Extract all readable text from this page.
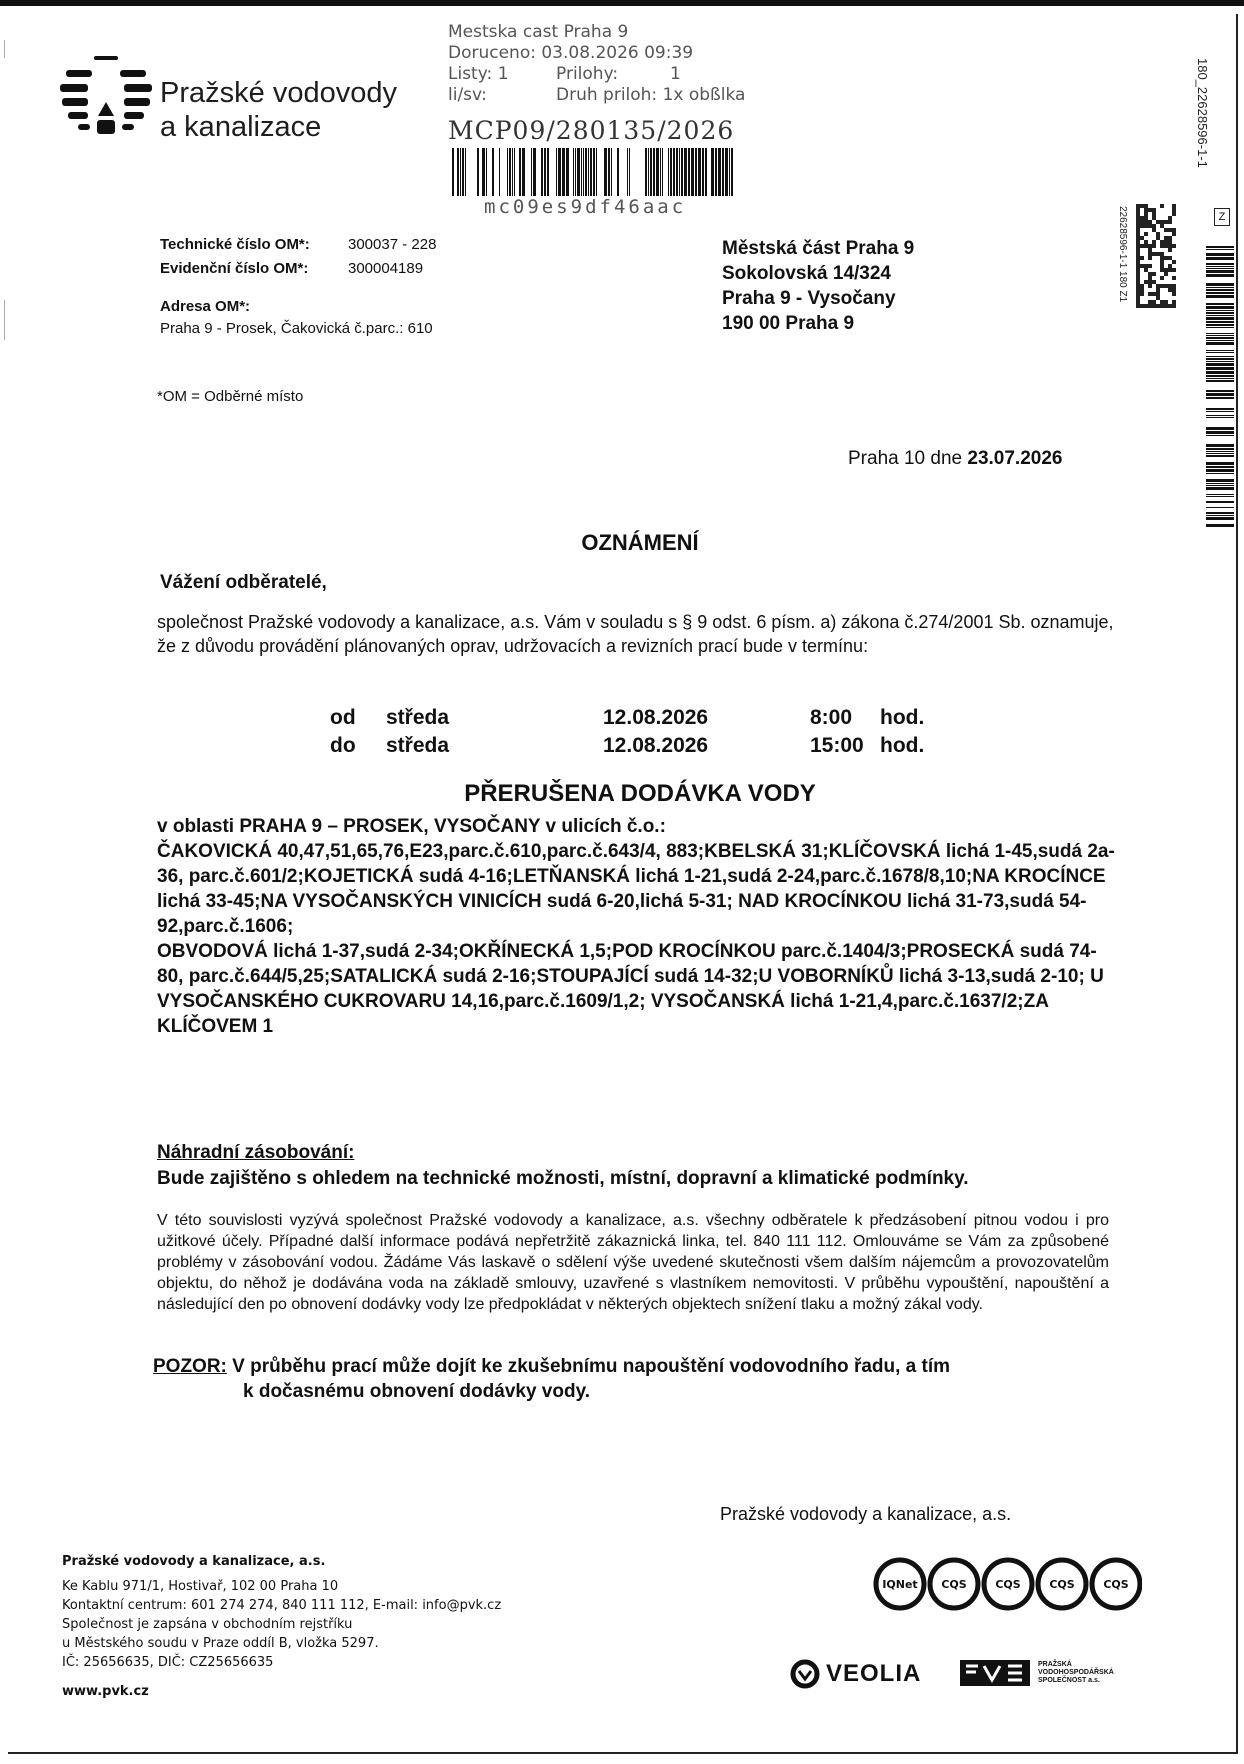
Pražské vodovody
a kanalizace
Mestska cast Praha 9
Doruceno: 03.08.2026 09:39
Listy: 1	Prilohy:	1
li/sv:	Druh priloh: 1x obßlka
MCP09/280135/2026
mc09es9df46aac
Technické číslo OM*:	300037 - 228
Evidenční číslo OM*:	300004189
Adresa OM*:
Praha 9 - Prosek, Čakovická č.parc.: 610
Městská část Praha 9
Sokolovská 14/324
Praha 9 - Vysočany
190 00 Praha 9
180_22628596-1-1
22628596-1-1 180 Z1	Z
*OM = Odběrné místo
Praha 10 dne 23.07.2026
OZNÁMENÍ
Vážení odběratelé,
společnost Pražské vodovody a kanalizace, a.s. Vám v souladu s § 9 odst. 6 písm. a) zákona č.274/2001 Sb. oznamuje, že z důvodu provádění plánovaných oprav, udržovacích a revizních prací bude v termínu:
od středa	12.08.2026	8:00 hod.
do středa	12.08.2026	15:00 hod.
PŘERUŠENA DODÁVKA VODY

v oblasti PRAHA 9 – PROSEK, VYSOČANY v ulicích č.o.:

ČAKOVICKÁ 40,47,51,65,76,E23,parc.č.610,parc.č.643/4, 883;KBELSKÁ 31;KLÍČOVSKÁ lichá 1-45,sudá 2a-36, parc.č.601/2;KOJETICKÁ sudá 4-16;LETŇANSKÁ lichá 1-21,sudá 2-24,parc.č.1678/8,10;NA KROCÍNCE lichá 33-45;NA VYSOČANSKÝCH VINICÍCH sudá 6-20,lichá 5-31; NAD KROCÍNKOU lichá 31-73,sudá 54-92,parc.č.1606;

OBVODOVÁ lichá 1-37,sudá 2-34;OKŘÍNECKÁ 1,5;POD KROCÍNKOU parc.č.1404/3;PROSECKÁ sudá 74-80, parc.č.644/5,25;SATALICKÁ sudá 2-16;STOUPAJÍCÍ sudá 14-32;U VOBORNÍKŮ lichá 3-13,sudá 2-10; U VYSOČANSKÉHO CUKROVARU 14,16,parc.č.1609/1,2; VYSOČANSKÁ lichá 1-21,4,parc.č.1637/2;ZA KLÍČOVEM 1

Náhradní zásobování:
Bude zajištěno s ohledem na technické možnosti, místní, dopravní a klimatické podmínky.
V této souvislosti vyzývá společnost Pražské vodovody a kanalizace, a.s. všechny odběratele k předzásobení pitnou vodou i pro užitkové účely. Případné další informace podává nepřetržitě zákaznická linka, tel. 840 111 112. Omlouváme se Vám za způsobené problémy v zásobování vodou. Žádáme Vás laskavě o sdělení výše uvedené skutečnosti všem dalším nájemcům a provozovatelům objektu, do něhož je dodávána voda na základě smlouvy, uzavřené s vlastníkem nemovitosti. V průběhu vypouštění, napouštění a následující den po obnovení dodávky vody lze předpokládat v některých objektech snížení tlaku a možný zákal vody.
POZOR: V průběhu prací může dojít ke zkušebnímu napouštění vodovodního řadu, a tím
k dočasnému obnovení dodávky vody.
Pražské vodovody a kanalizace, a.s.
Pražské vodovody a kanalizace, a.s.
Ke Kablu 971/1, Hostivař, 102 00 Praha 10
Kontaktní centrum: 601 274 274, 840 111 112, E-mail: info@pvk.cz
Společnost je zapsána v obchodním rejstříku
u Městského soudu v Praze oddíl B, vložka 5297.
IČ: 25656635, DIČ: CZ25656635
www.pvk.cz
IQNet CQS	CQS	CQS	CQS
VEOLIA	PRAŽSKÁ
VODOHOSPODÁŘSKÁ
SPOLEČNOST a.s.
